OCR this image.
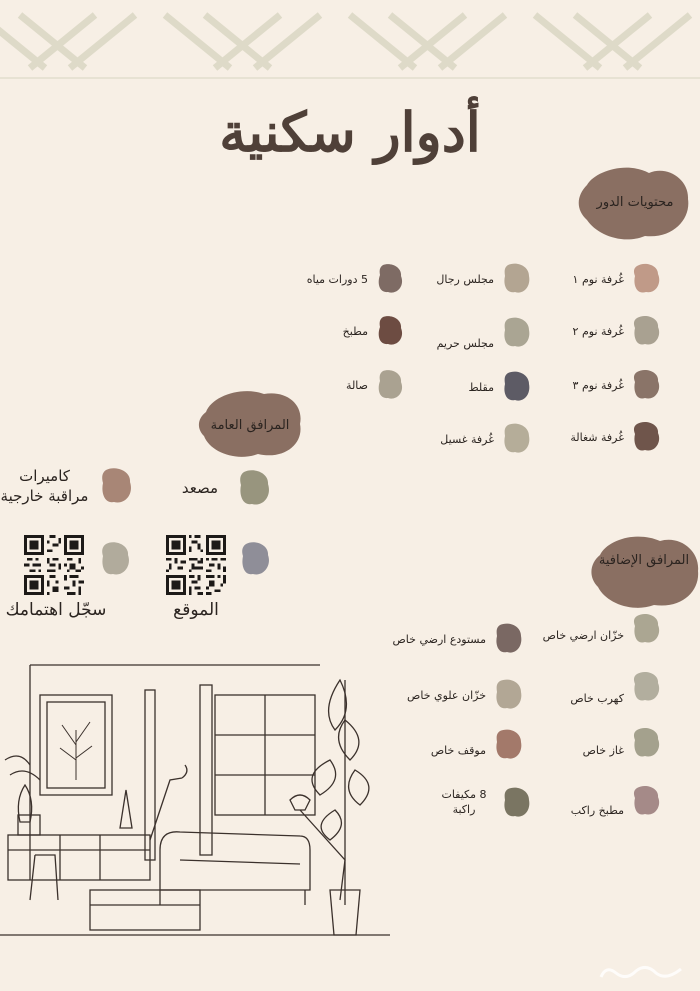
أدوار سكنية
محتويات الدور
غُرفة نوم ١
مجلس رجال
5 دورات مياه
غُرفة نوم ٢
مجلس حريم
مطبخ
غُرفة نوم ٣
مقلط
صالة
غُرفة شغالة
غُرفة غسيل
المرافق العامة
مصعد
كاميرات مراقبة خارجية
الموقع
سجّل اهتمامك
المرافق الإضافية
خزّان ارضي خاص
مستودع ارضي خاص
كهرب خاص
خزّان علوي خاص
غاز خاص
موقف خاص
مطبخ راكب
8 مكيفات راكبة
